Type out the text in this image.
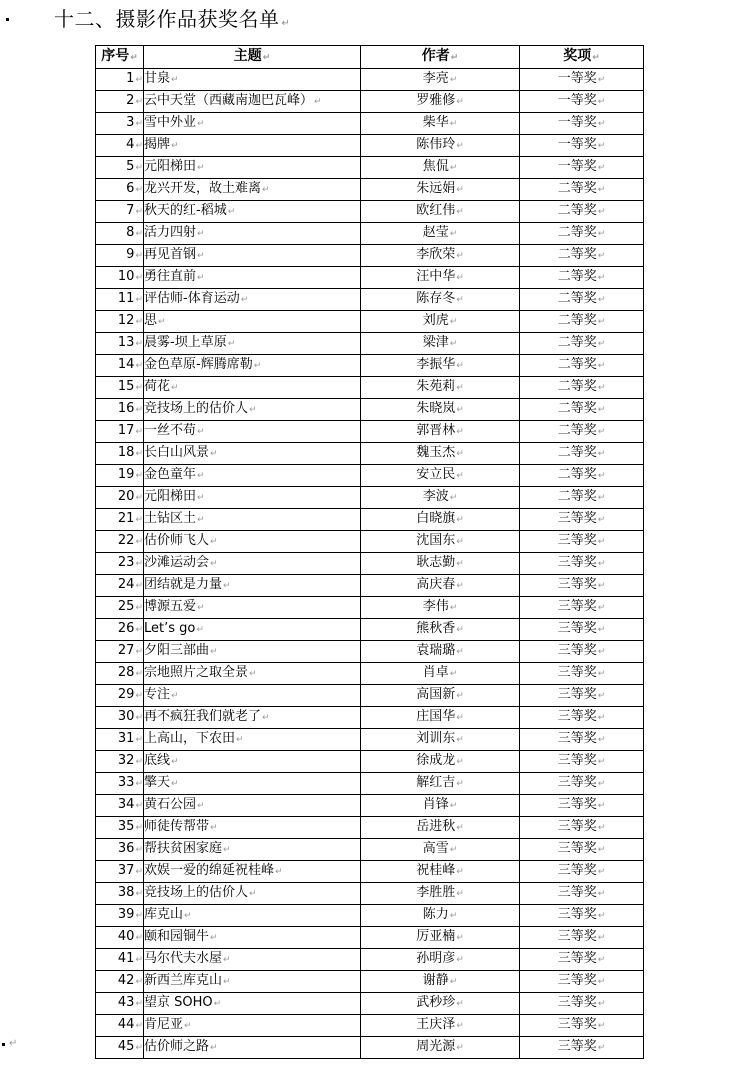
十二、摄影作品获奖名单 ↵
序号↵	主题↵	作者↵	奖项↵
1↵	甘泉↵	李亮↵	一等奖↵
2↵	云中天堂（西藏南迦巴瓦峰）↵	罗雅修↵	一等奖↵
3↵	雪中外业↵	柴华↵	一等奖↵
4↵	揭牌↵	陈伟玲↵	一等奖↵
5↵	元阳梯田↵	焦侃↵	一等奖↵
6↵	龙兴开发，故土难离↵	朱远娟↵	二等奖↵
7↵	秋天的红-稻城↵	欧红伟↵	二等奖↵
8↵	活力四射↵	赵莹↵	二等奖↵
9↵	再见首钢↵	李欣荣↵	二等奖↵
10↵	勇往直前↵	汪中华↵	二等奖↵
11↵	评估师-体育运动↵	陈存冬↵	二等奖↵
12↵	思↵	刘虎↵	二等奖↵
13↵	晨雾-坝上草原↵	梁津↵	二等奖↵
14↵	金色草原-辉腾席勒↵	李振华↵	二等奖↵
15↵	荷花↵	朱苑莉↵	二等奖↵
16↵	竞技场上的估价人↵	朱晓岚↵	二等奖↵
17↵	一丝不苟↵	郭晋林↵	二等奖↵
18↵	长白山风景↵	魏玉杰↵	二等奖↵
19↵	金色童年↵	安立民↵	二等奖↵
20↵	元阳梯田↵	李波↵	二等奖↵
21↵	土钻区土↵	白晓旗↵	三等奖↵
22↵	估价师飞人↵	沈国东↵	三等奖↵
23↵	沙滩运动会↵	耿志勤↵	三等奖↵
24↵	团结就是力量↵	高庆春↵	三等奖↵
25↵	博源五爱↵	李伟↵	三等奖↵
26↵	Let’s go↵	熊秋香↵	三等奖↵
27↵	夕阳三部曲↵	袁瑞璐↵	三等奖↵
28↵	宗地照片之取全景↵	肖卓↵	三等奖↵
29↵	专注↵	高国新↵	三等奖↵
30↵	再不疯狂我们就老了↵	庄国华↵	三等奖↵
31↵	上高山，下农田↵	刘训东↵	三等奖↵
32↵	底线↵	徐成龙↵	三等奖↵
33↵	擎天↵	解红吉↵	三等奖↵
34↵	黄石公园↵	肖锋↵	三等奖↵
35↵	师徒传帮带↵	岳进秋↵	三等奖↵
36↵	帮扶贫困家庭↵	高雪↵	三等奖↵
37↵	欢娱一爱的绵延祝桂峰↵	祝桂峰↵	三等奖↵
38↵	竞技场上的估价人↵	李胜胜↵	三等奖↵
39↵	库克山↵	陈力↵	三等奖↵
40↵	颐和园铜牛↵	厉亚楠↵	三等奖↵
41↵	马尔代夫水屋↵	孙明彦↵	三等奖↵
42↵	新西兰库克山↵	谢静↵	三等奖↵
43↵	望京 SOHO↵	武秒珍↵	三等奖↵
44↵	肯尼亚↵	王庆泽↵	三等奖↵
45↵	估价师之路↵	周光源↵	三等奖↵
↵
